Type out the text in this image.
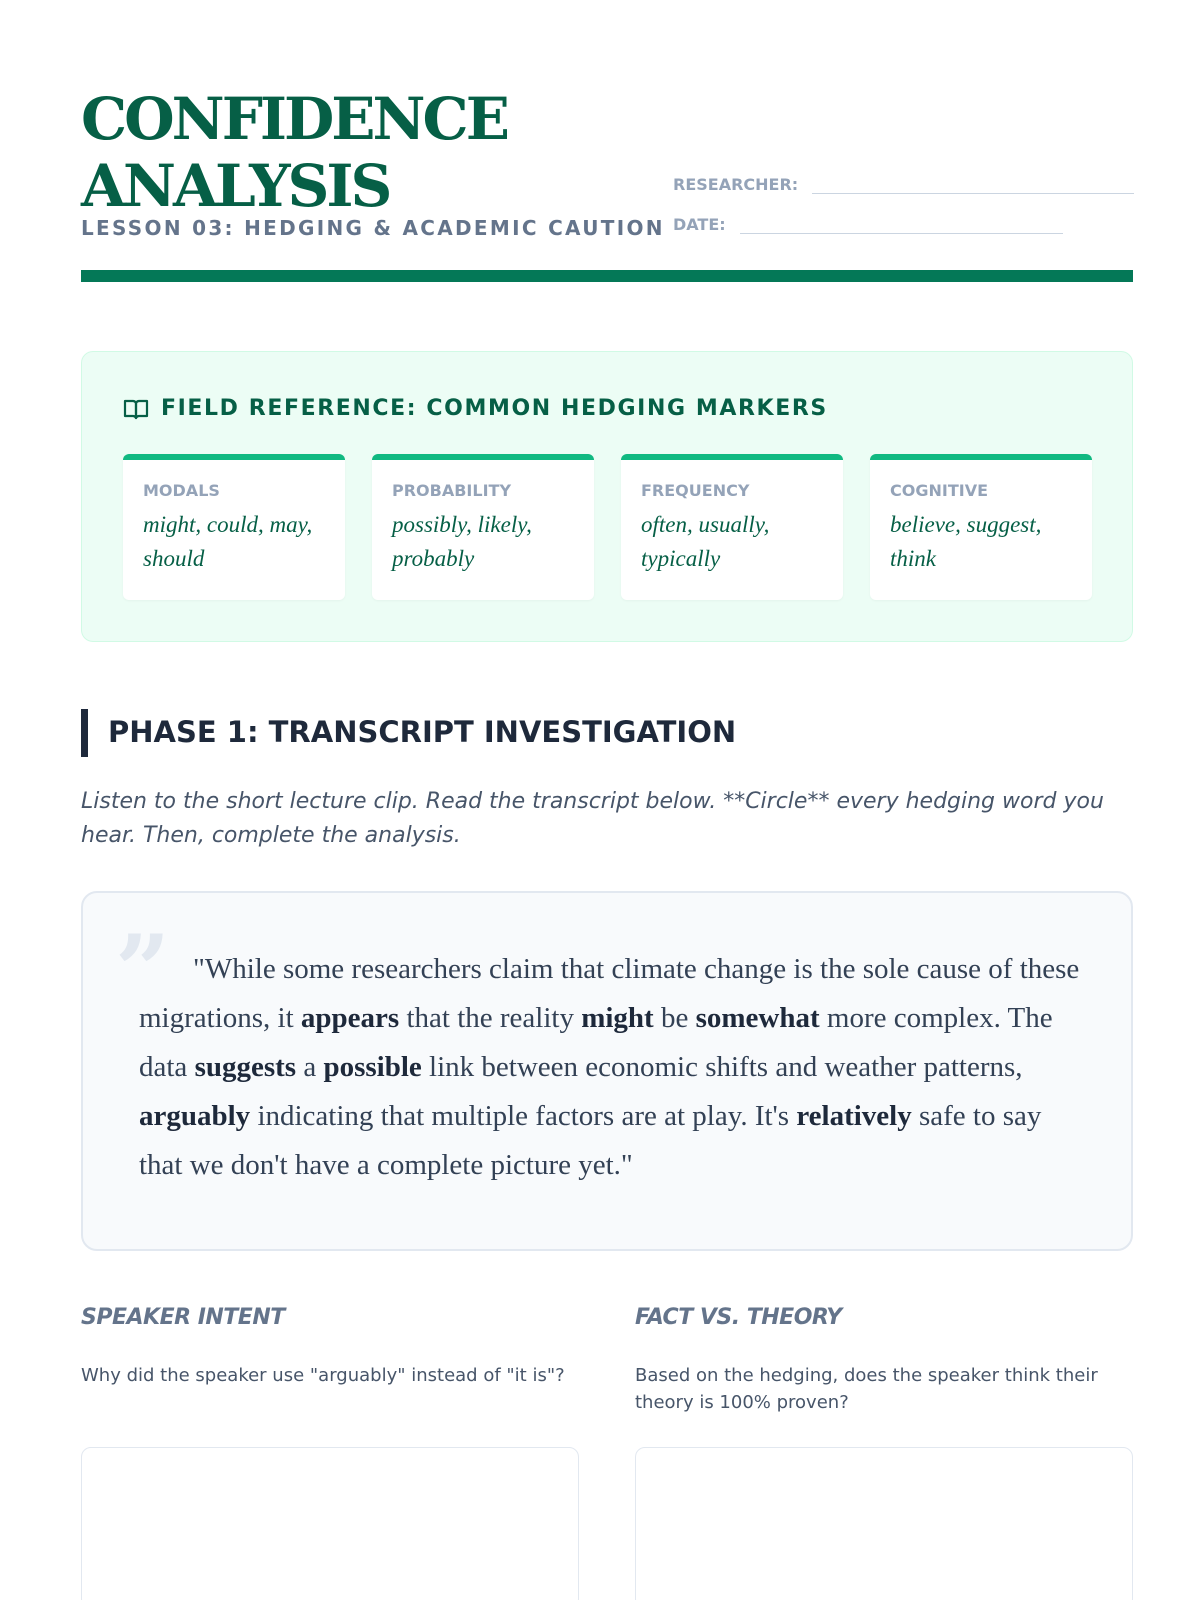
CONFIDENCE ANALYSIS
LESSON 03: HEDGING & ACADEMIC CAUTION
RESEARCHER:
DATE:
FIELD REFERENCE: COMMON HEDGING MARKERS
MODALS
might, could, may, should
PROBABILITY
possibly, likely, probably
FREQUENCY
often, usually, typically
COGNITIVE
believe, suggest, think
PHASE 1: TRANSCRIPT INVESTIGATION

Listen to the short lecture clip. Read the transcript below. **Circle** every hedging word you hear. Then, complete the analysis.

” "While some researchers claim that climate change is the sole cause of these migrations, it appears that the reality might be somewhat more complex. The data suggests a possible link between economic shifts and weather patterns, arguably indicating that multiple factors are at play. It's relatively safe to say that we don't have a complete picture yet."

SPEAKER INTENT
Why did the speaker use "arguably" instead of "it is"?
FACT VS. THEORY
Based on the hedging, does the speaker think their theory is 100% proven?
